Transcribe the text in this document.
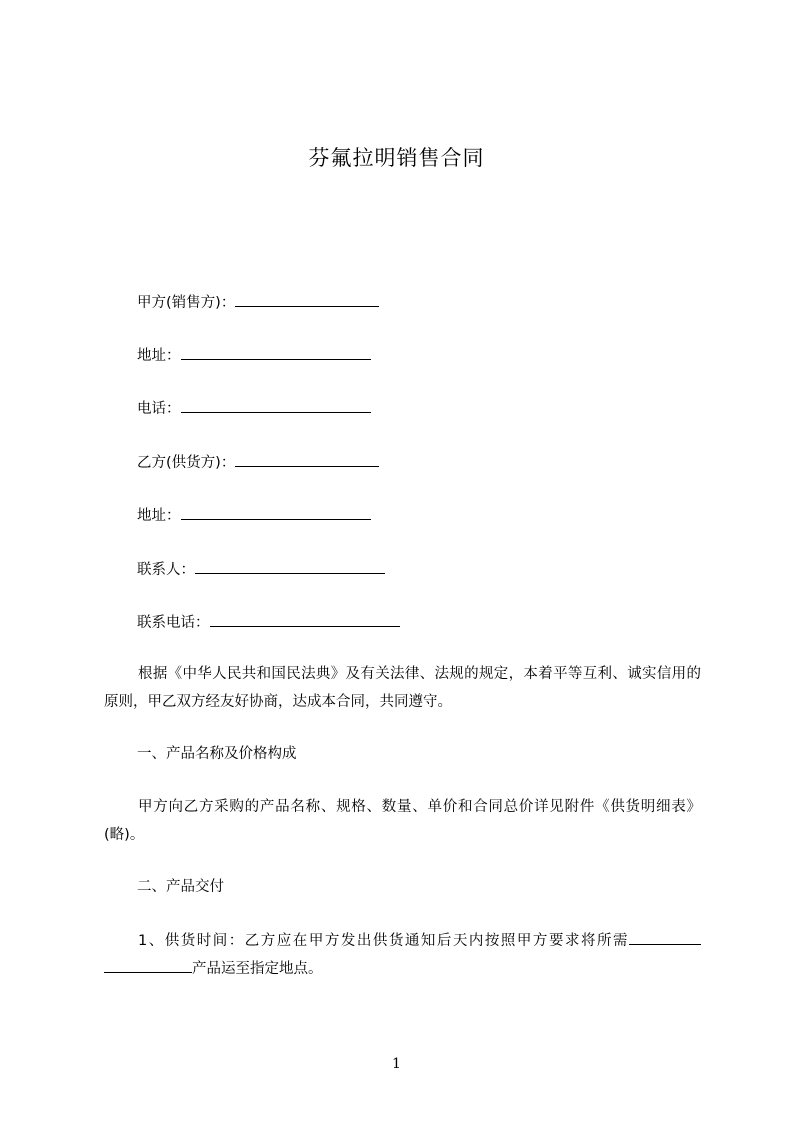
芬氟拉明销售合同
甲方(销售方)：
地址：
电话：
乙方(供货方)：
地址：
联系人：
联系电话：
根据《中华人民共和国民法典》及有关法律、法规的规定，本着平等互利、诚实信用的原则，甲乙双方经友好协商，达成本合同，共同遵守。
一、产品名称及价格构成
甲方向乙方采购的产品名称、规格、数量、单价和合同总价详见附件《供货明细表》(略)。
二、产品交付
1、供货时间：乙方应在甲方发出供货通知后天内按照甲方要求将所需产品运至指定地点。
1
